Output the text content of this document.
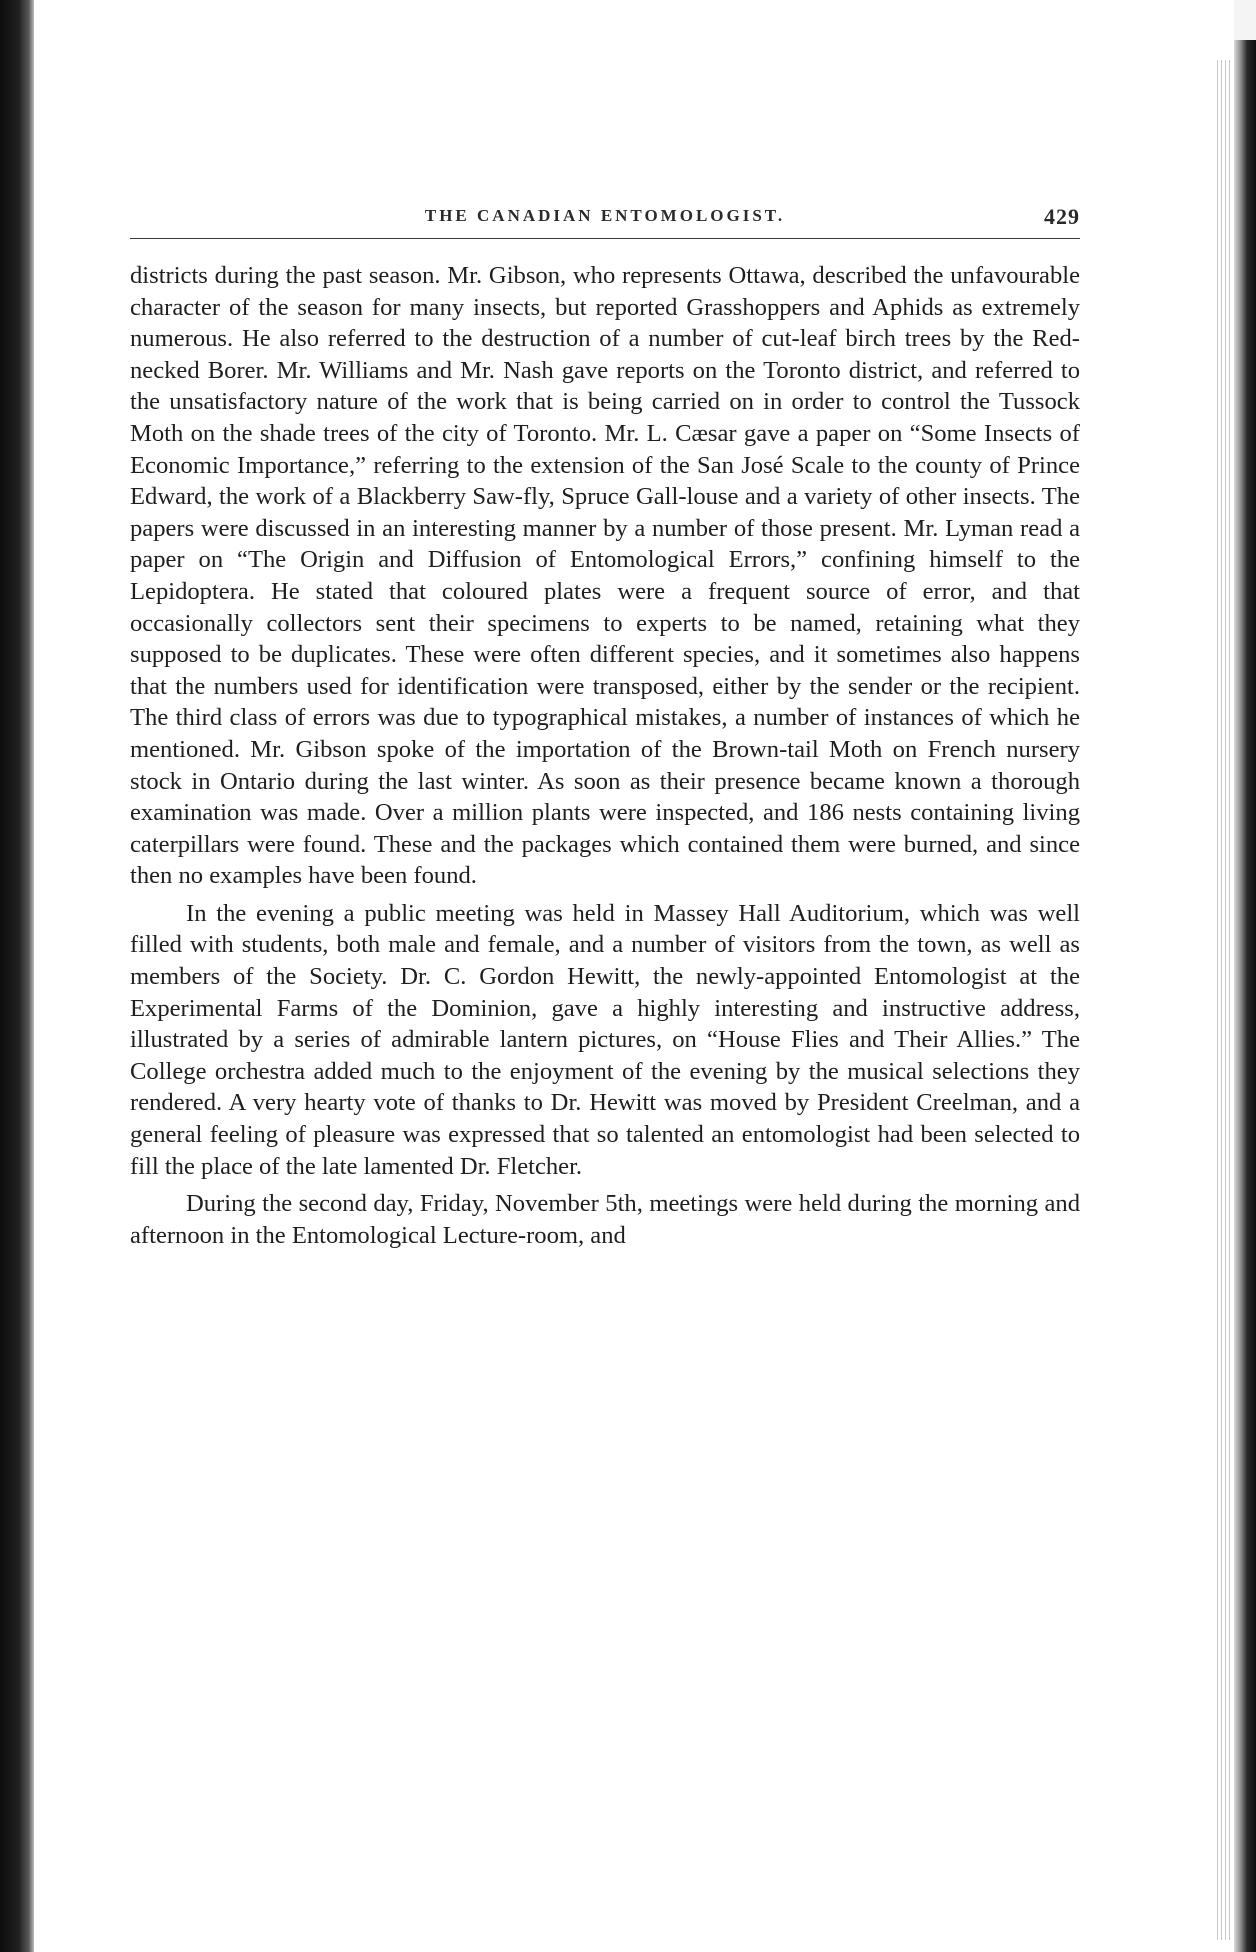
THE CANADIAN ENTOMOLOGIST.	429

districts during the past season. Mr. Gibson, who represents Ottawa, described the unfavourable character of the season for many insects, but reported Grasshoppers and Aphids as extremely numerous. He also referred to the destruction of a number of cut-leaf birch trees by the Red-necked Borer. Mr. Williams and Mr. Nash gave reports on the Toronto district, and referred to the unsatisfactory nature of the work that is being carried on in order to control the Tussock Moth on the shade trees of the city of Toronto. Mr. L. Cæsar gave a paper on “Some Insects of Economic Importance,” referring to the extension of the San José Scale to the county of Prince Edward, the work of a Blackberry Saw-fly, Spruce Gall-louse and a variety of other insects. The papers were discussed in an interesting manner by a number of those present. Mr. Lyman read a paper on “The Origin and Diffusion of Entomological Errors,” confining himself to the Lepidoptera. He stated that coloured plates were a frequent source of error, and that occasionally collectors sent their specimens to experts to be named, retaining what they supposed to be duplicates. These were often different species, and it sometimes also happens that the numbers used for identification were transposed, either by the sender or the recipient. The third class of errors was due to typographical mistakes, a number of instances of which he mentioned. Mr. Gibson spoke of the importation of the Brown-tail Moth on French nursery stock in Ontario during the last winter. As soon as their presence became known a thorough examination was made. Over a million plants were inspected, and 186 nests containing living caterpillars were found. These and the packages which contained them were burned, and since then no examples have been found.

In the evening a public meeting was held in Massey Hall Auditorium, which was well filled with students, both male and female, and a number of visitors from the town, as well as members of the Society. Dr. C. Gordon Hewitt, the newly-appointed Entomologist at the Experimental Farms of the Dominion, gave a highly interesting and instructive address, illustrated by a series of admirable lantern pictures, on “House Flies and Their Allies.” The College orchestra added much to the enjoyment of the evening by the musical selections they rendered. A very hearty vote of thanks to Dr. Hewitt was moved by President Creelman, and a general feeling of pleasure was expressed that so talented an entomologist had been selected to fill the place of the late lamented Dr. Fletcher.

During the second day, Friday, November 5th, meetings were held during the morning and afternoon in the Entomological Lecture-room, and
